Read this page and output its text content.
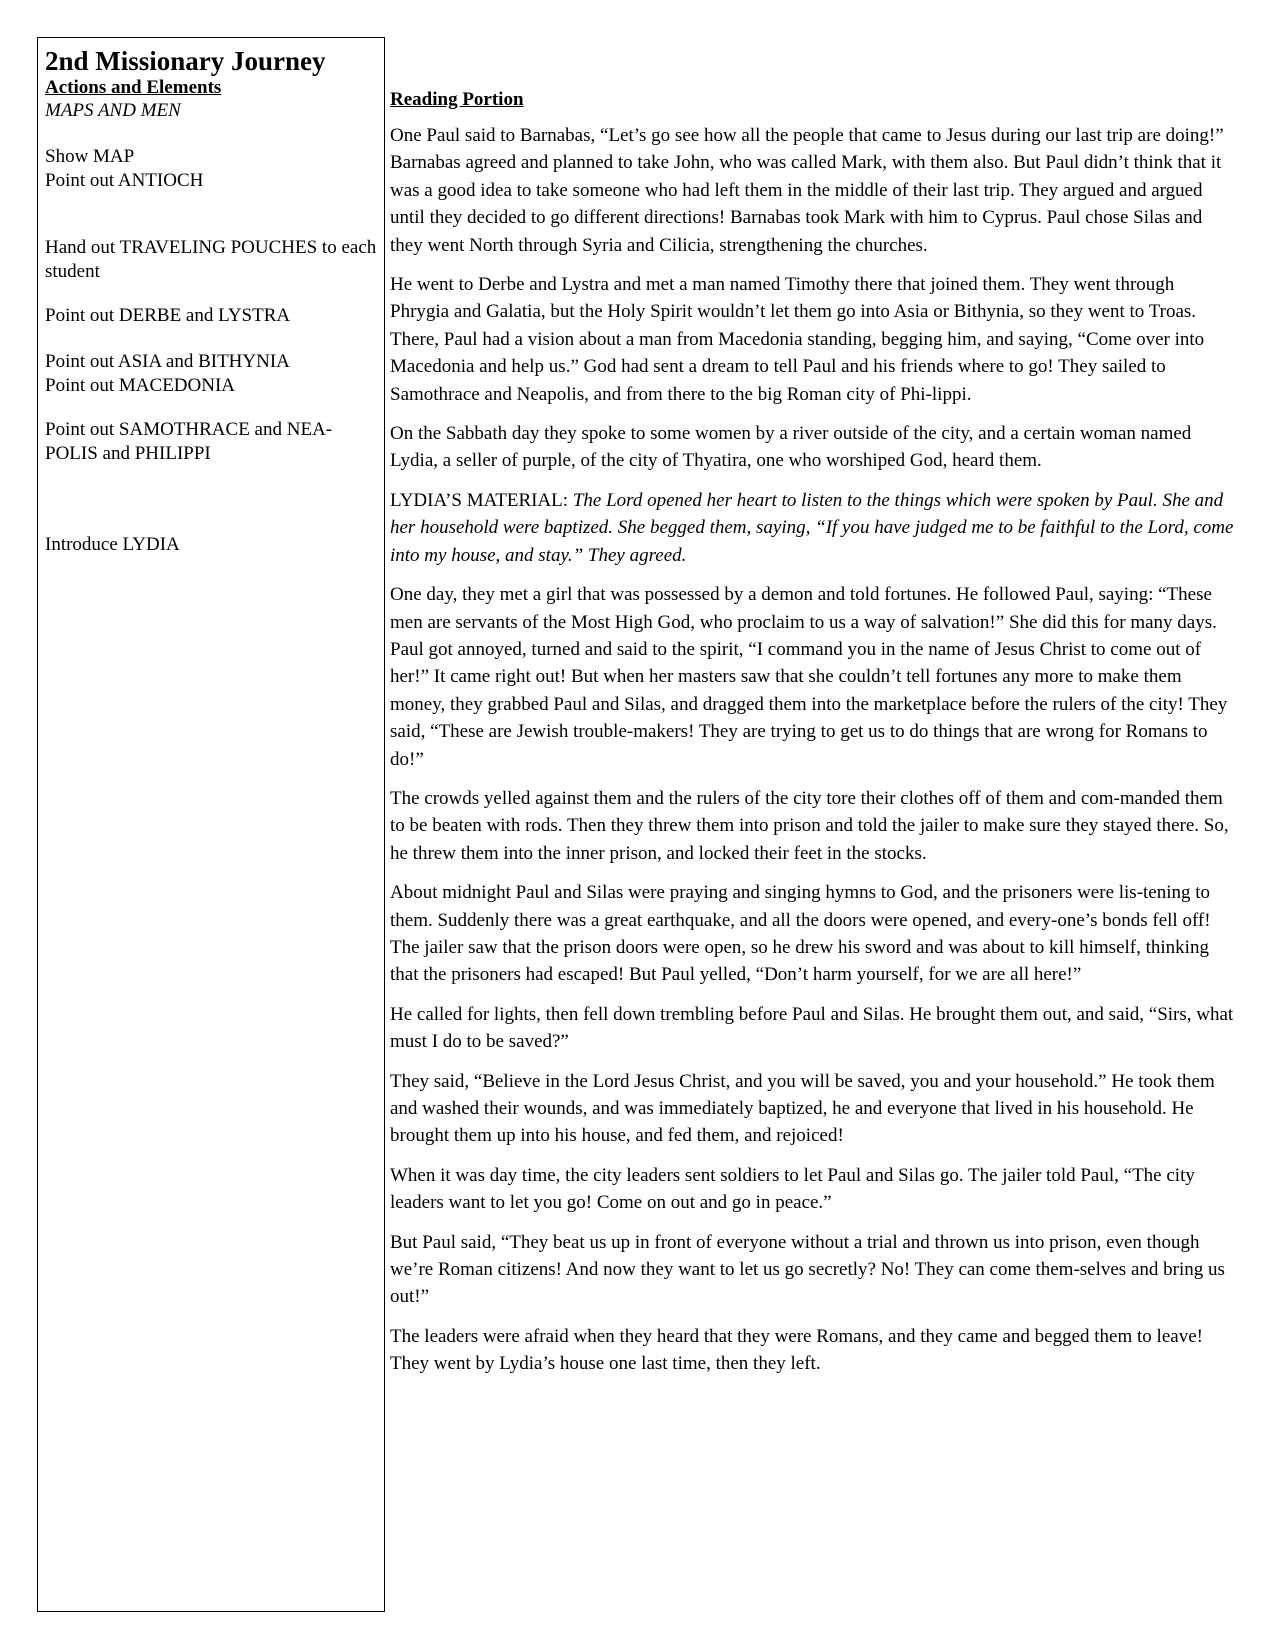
2nd Missionary Journey
Actions and Elements
MAPS AND MEN
Show MAP
Point out ANTIOCH
Hand out TRAVELING POUCHES to each student
Point out DERBE and LYSTRA
Point out ASIA and BITHYNIA
Point out MACEDONIA
Point out SAMOTHRACE and NEA-POLIS and PHILIPPI
Introduce LYDIA
Reading Portion

One Paul said to Barnabas, “Let’s go see how all the people that came to Jesus during our last trip are doing!” Barnabas agreed and planned to take John, who was called Mark, with them also. But Paul didn’t think that it was a good idea to take someone who had left them in the middle of their last trip. They argued and argued until they decided to go different directions! Barnabas took Mark with him to Cyprus. Paul chose Silas and they went North through Syria and Cilicia, strengthening the churches.

He went to Derbe and Lystra and met a man named Timothy there that joined them. They went through Phrygia and Galatia, but the Holy Spirit wouldn’t let them go into Asia or Bithynia, so they went to Troas. There, Paul had a vision about a man from Macedonia standing, begging him, and saying, “Come over into Macedonia and help us.” God had sent a dream to tell Paul and his friends where to go! They sailed to Samothrace and Neapolis, and from there to the big Roman city of Phi-lippi.

On the Sabbath day they spoke to some women by a river outside of the city, and a certain woman named Lydia, a seller of purple, of the city of Thyatira, one who worshiped God, heard them.

LYDIA’S MATERIAL: The Lord opened her heart to listen to the things which were spoken by Paul. She and her household were baptized. She begged them, saying, “If you have judged me to be faithful to the Lord, come into my house, and stay.” They agreed.

One day, they met a girl that was possessed by a demon and told fortunes. He followed Paul, saying: “These men are servants of the Most High God, who proclaim to us a way of salvation!” She did this for many days. Paul got annoyed, turned and said to the spirit, “I command you in the name of Jesus Christ to come out of her!” It came right out! But when her masters saw that she couldn’t tell fortunes any more to make them money, they grabbed Paul and Silas, and dragged them into the marketplace before the rulers of the city! They said, “These are Jewish trouble-makers! They are trying to get us to do things that are wrong for Romans to do!”

The crowds yelled against them and the rulers of the city tore their clothes off of them and com-manded them to be beaten with rods. Then they threw them into prison and told the jailer to make sure they stayed there. So, he threw them into the inner prison, and locked their feet in the stocks.

About midnight Paul and Silas were praying and singing hymns to God, and the prisoners were lis-tening to them. Suddenly there was a great earthquake, and all the doors were opened, and every-one’s bonds fell off! The jailer saw that the prison doors were open, so he drew his sword and was about to kill himself, thinking that the prisoners had escaped! But Paul yelled, “Don’t harm yourself, for we are all here!”

He called for lights, then fell down trembling before Paul and Silas. He brought them out, and said, “Sirs, what must I do to be saved?”

They said, “Believe in the Lord Jesus Christ, and you will be saved, you and your household.” He took them and washed their wounds, and was immediately baptized, he and everyone that lived in his household. He brought them up into his house, and fed them, and rejoiced!

When it was day time, the city leaders sent soldiers to let Paul and Silas go. The jailer told Paul, “The city leaders want to let you go! Come on out and go in peace.”

But Paul said, “They beat us up in front of everyone without a trial and thrown us into prison, even though we’re Roman citizens! And now they want to let us go secretly? No! They can come them-selves and bring us out!”

The leaders were afraid when they heard that they were Romans, and they came and begged them to leave! They went by Lydia’s house one last time, then they left.
